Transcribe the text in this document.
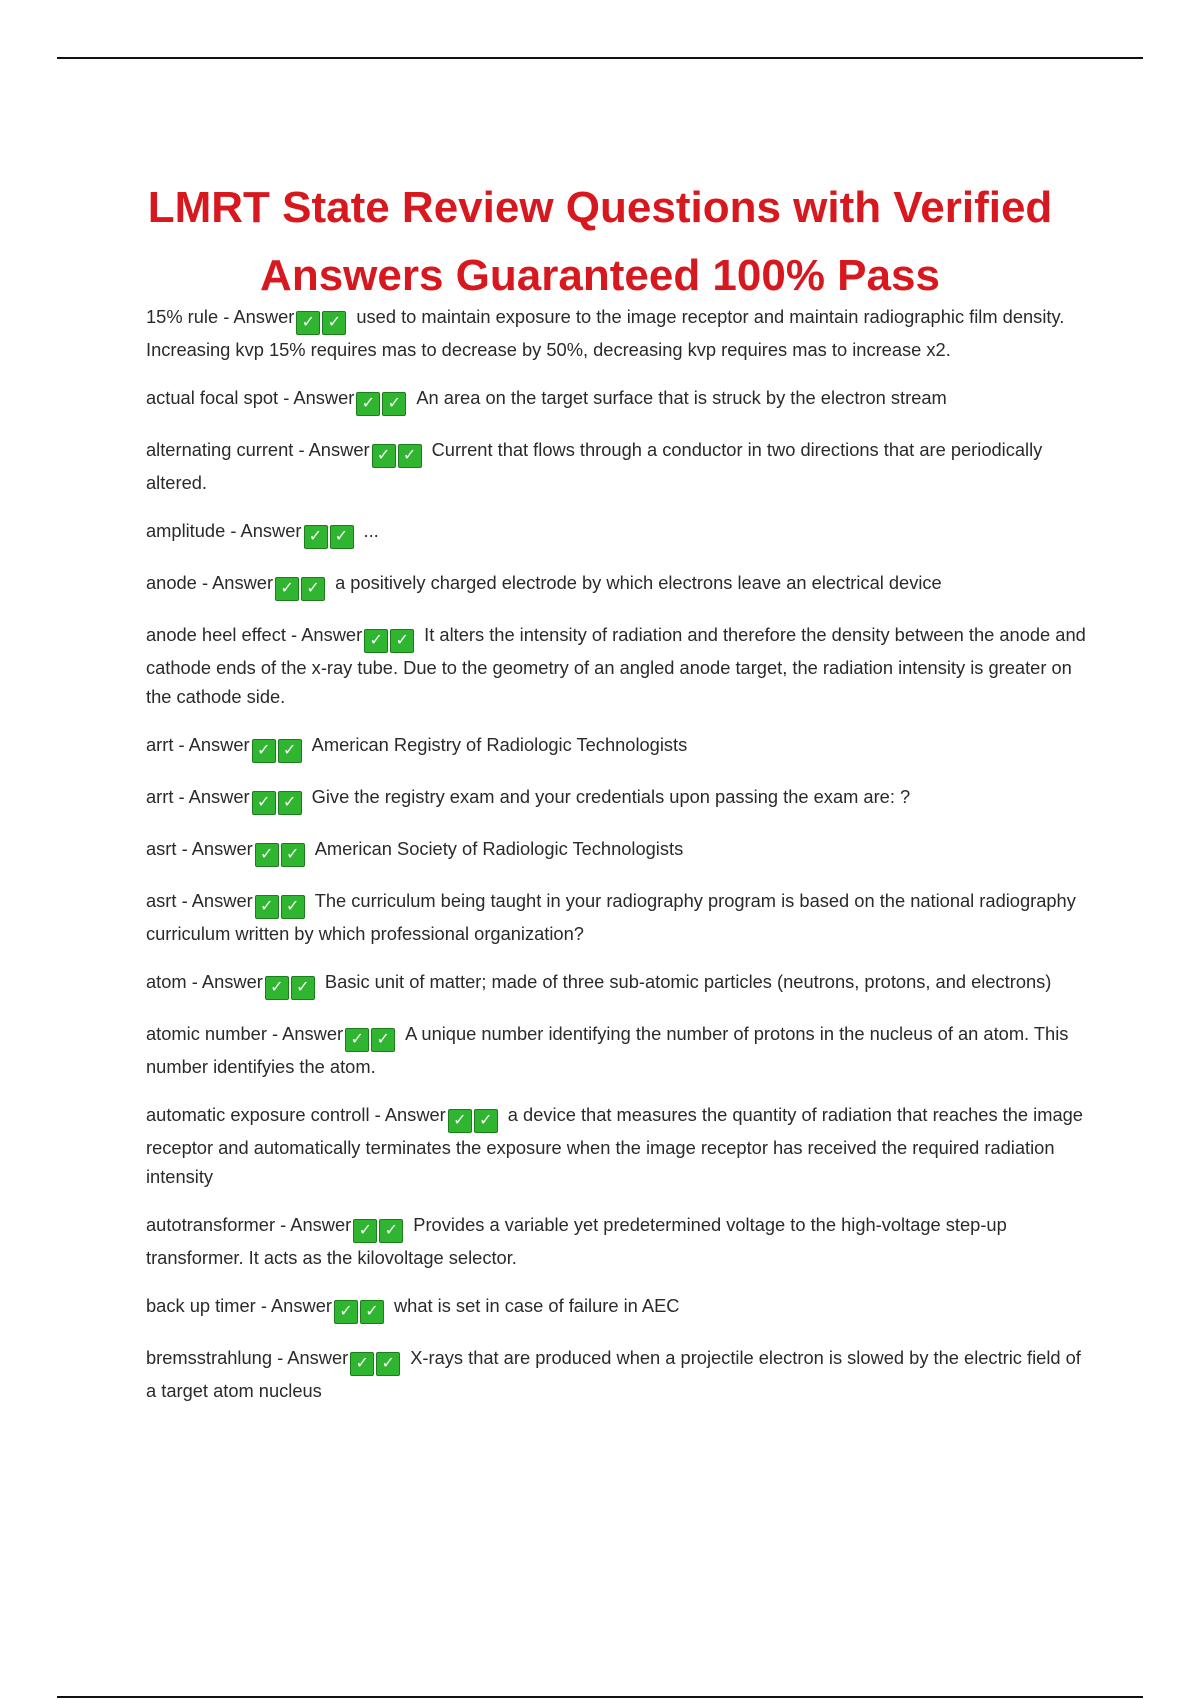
LMRT State Review Questions with Verified Answers Guaranteed 100% Pass

15% rule - Answer ✓ ✓ used to maintain exposure to the image receptor and maintain radiographic film density. Increasing kvp 15% requires mas to decrease by 50%, decreasing kvp requires mas to increase x2.

actual focal spot - Answer ✓ ✓ An area on the target surface that is struck by the electron stream

alternating current - Answer ✓ ✓ Current that flows through a conductor in two directions that are periodically altered.

amplitude - Answer ✓ ✓ ...

anode - Answer ✓ ✓ a positively charged electrode by which electrons leave an electrical device

anode heel effect - Answer ✓ ✓ It alters the intensity of radiation and therefore the density between the anode and cathode ends of the x-ray tube. Due to the geometry of an angled anode target, the radiation intensity is greater on the cathode side.

arrt - Answer ✓ ✓ American Registry of Radiologic Technologists

arrt - Answer ✓ ✓ Give the registry exam and your credentials upon passing the exam are: ?

asrt - Answer ✓ ✓ American Society of Radiologic Technologists

asrt - Answer ✓ ✓ The curriculum being taught in your radiography program is based on the national radiography curriculum written by which professional organization?

atom - Answer ✓ ✓ Basic unit of matter; made of three sub-atomic particles (neutrons, protons, and electrons)

atomic number - Answer ✓ ✓ A unique number identifying the number of protons in the nucleus of an atom. This number identifyies the atom.

automatic exposure controll - Answer ✓ ✓ a device that measures the quantity of radiation that reaches the image receptor and automatically terminates the exposure when the image receptor has received the required radiation intensity

autotransformer - Answer ✓ ✓ Provides a variable yet predetermined voltage to the high-voltage step-up transformer. It acts as the kilovoltage selector.

back up timer - Answer ✓ ✓ what is set in case of failure in AEC

bremsstrahlung - Answer ✓ ✓ X-rays that are produced when a projectile electron is slowed by the electric field of a target atom nucleus
